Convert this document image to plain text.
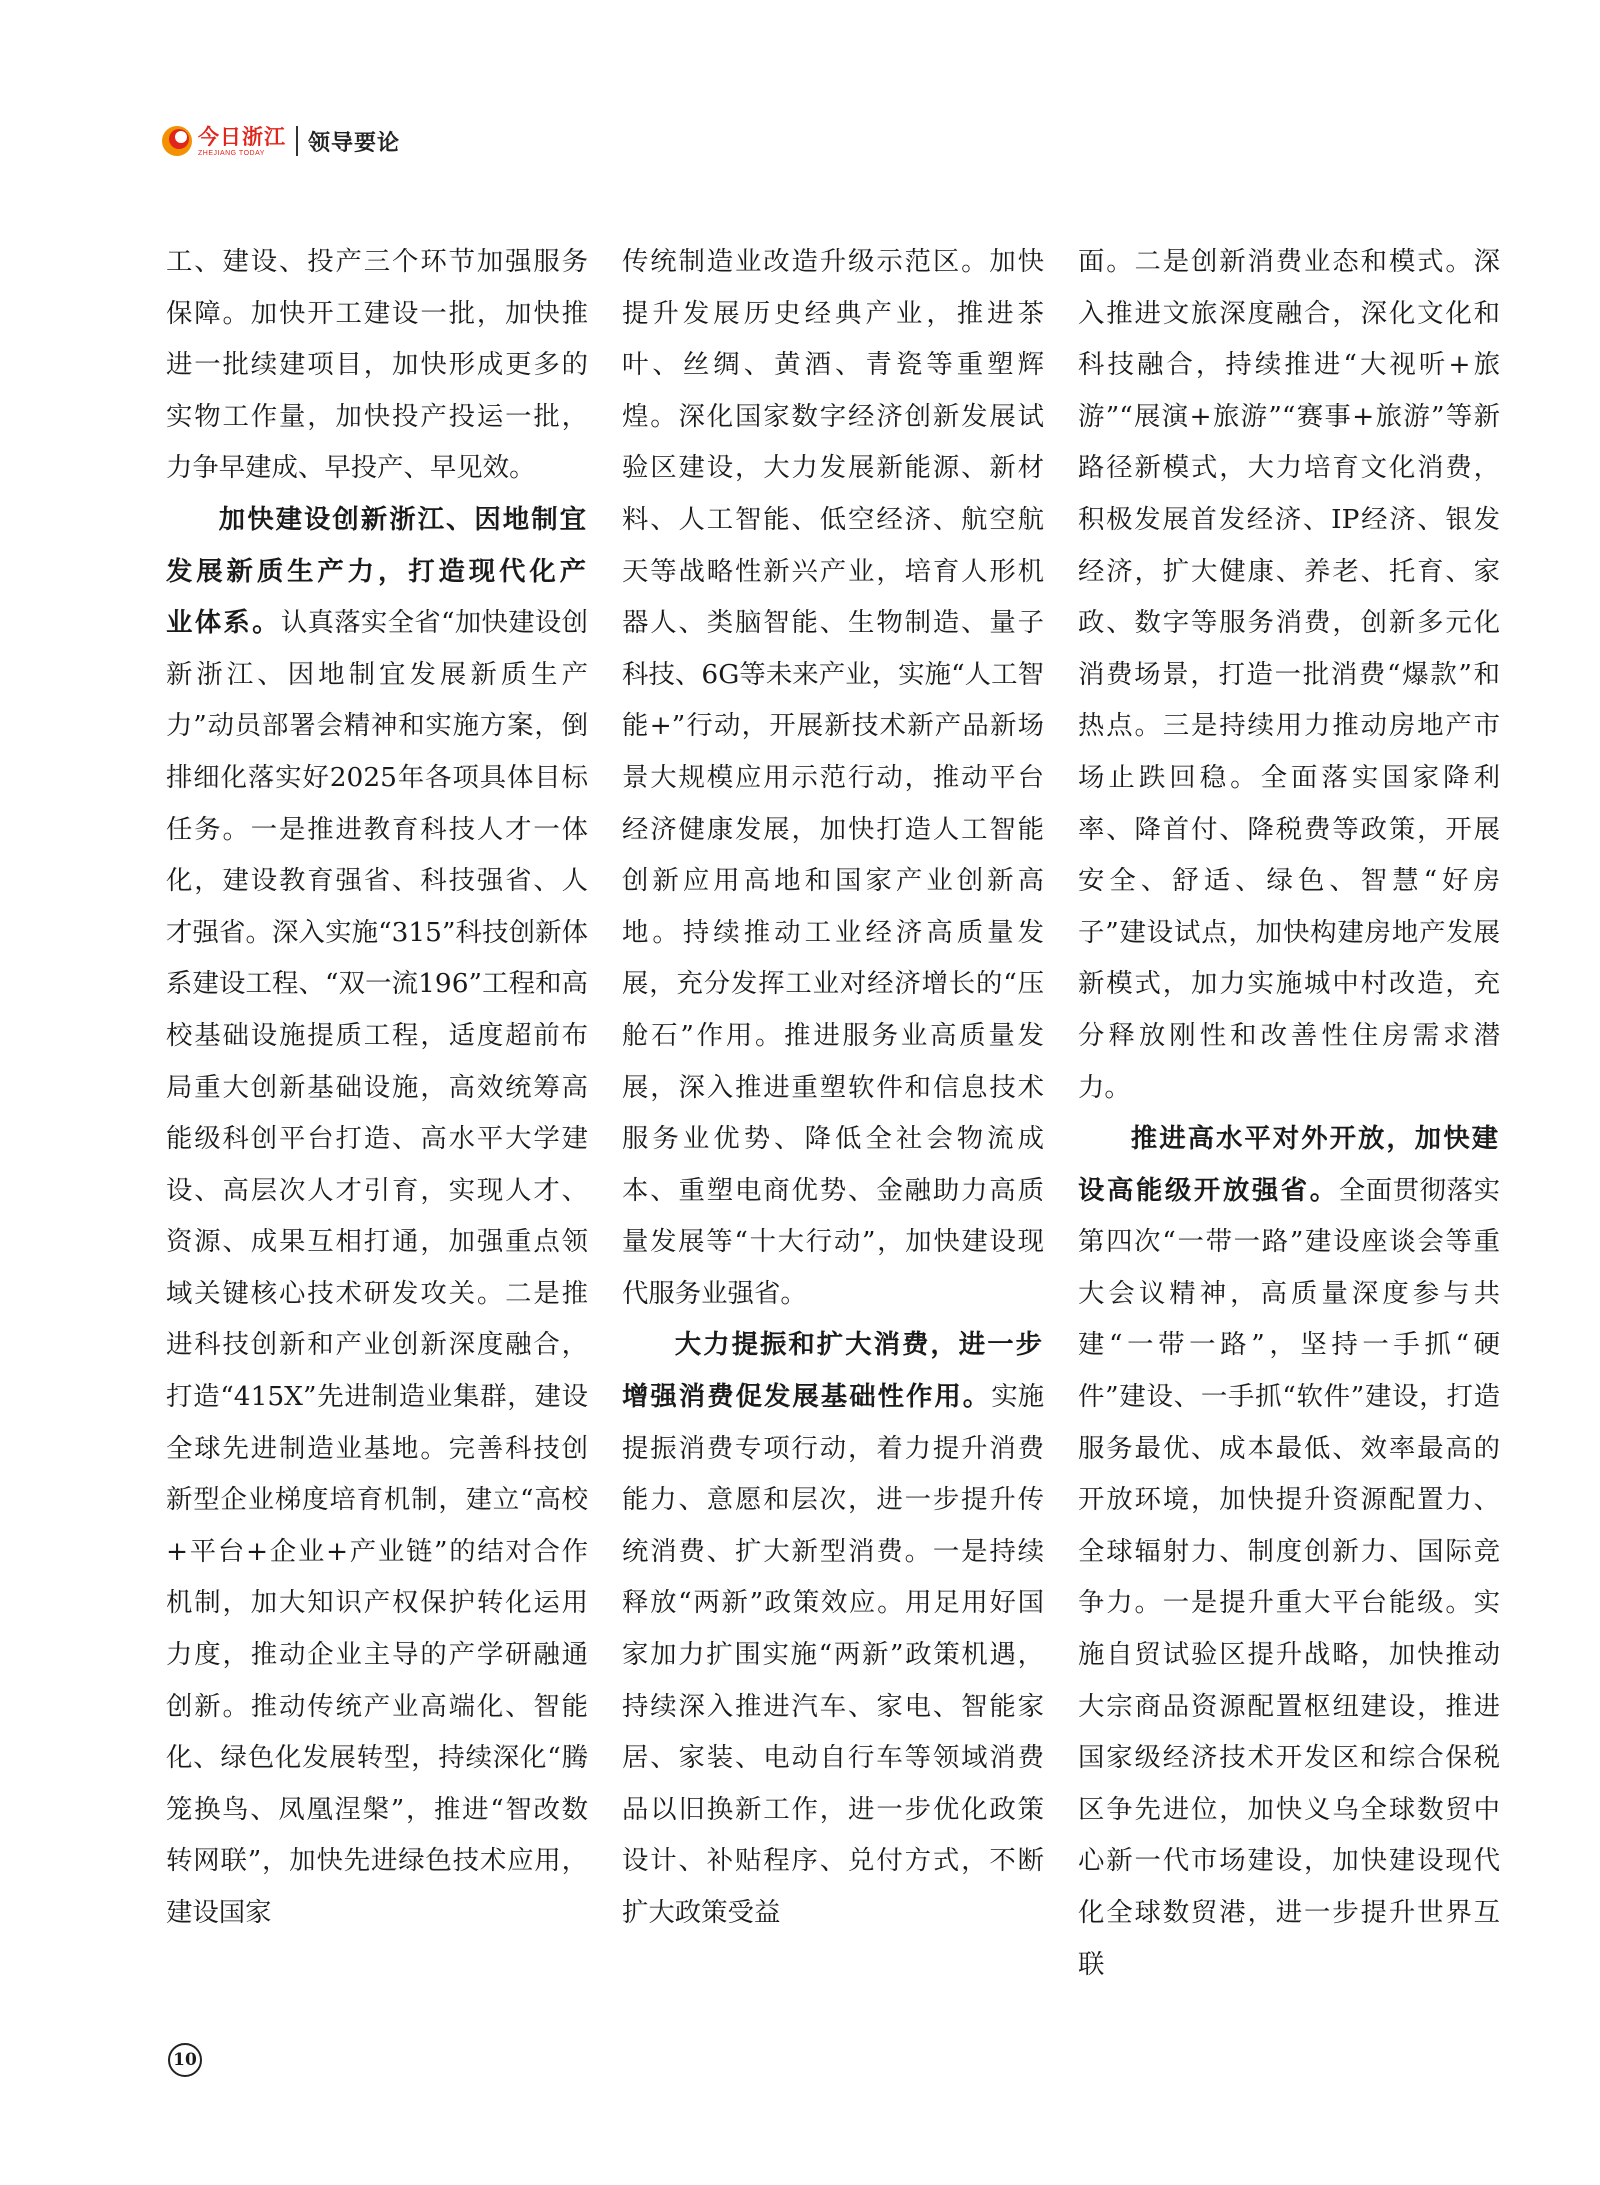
今日浙江
ZHEJIANG TODAY	领导要论

工、建设、投产三个环节加强服务保障。加快开工建设一批，加快推进一批续建项目，加快形成更多的实物工作量，加快投产投运一批，力争早建成、早投产、早见效。

加快建设创新浙江、因地制宜发展新质生产力，打造现代化产业体系。认真落实全省“加快建设创新浙江、因地制宜发展新质生产力”动员部署会精神和实施方案，倒排细化落实好2025年各项具体目标任务。一是推进教育科技人才一体化，建设教育强省、科技强省、人才强省。深入实施“315”科技创新体系建设工程、“双一流196”工程和高校基础设施提质工程，适度超前布局重大创新基础设施，高效统筹高能级科创平台打造、高水平大学建设、高层次人才引育，实现人才、资源、成果互相打通，加强重点领域关键核心技术研发攻关。二是推进科技创新和产业创新深度融合，打造“415X”先进制造业集群，建设全球先进制造业基地。完善科技创新型企业梯度培育机制，建立“高校+平台+企业+产业链”的结对合作机制，加大知识产权保护转化运用力度，推动企业主导的产学研融通创新。推动传统产业高端化、智能化、绿色化发展转型，持续深化“腾笼换鸟、凤凰涅槃”，推进“智改数转网联”，加快先进绿色技术应用，建设国家

传统制造业改造升级示范区。加快提升发展历史经典产业，推进茶叶、丝绸、黄酒、青瓷等重塑辉煌。深化国家数字经济创新发展试验区建设，大力发展新能源、新材料、人工智能、低空经济、航空航天等战略性新兴产业，培育人形机器人、类脑智能、生物制造、量子科技、6G等未来产业，实施“人工智能+”行动，开展新技术新产品新场景大规模应用示范行动，推动平台经济健康发展，加快打造人工智能创新应用高地和国家产业创新高地。持续推动工业经济高质量发展，充分发挥工业对经济增长的“压舱石”作用。推进服务业高质量发展，深入推进重塑软件和信息技术服务业优势、降低全社会物流成本、重塑电商优势、金融助力高质量发展等“十大行动”，加快建设现代服务业强省。

大力提振和扩大消费，进一步增强消费促发展基础性作用。实施提振消费专项行动，着力提升消费能力、意愿和层次，进一步提升传统消费、扩大新型消费。一是持续释放“两新”政策效应。用足用好国家加力扩围实施“两新”政策机遇，持续深入推进汽车、家电、智能家居、家装、电动自行车等领域消费品以旧换新工作，进一步优化政策设计、补贴程序、兑付方式，不断扩大政策受益

面。二是创新消费业态和模式。深入推进文旅深度融合，深化文化和科技融合，持续推进“大视听+旅游”“展演+旅游”“赛事+旅游”等新路径新模式，大力培育文化消费，积极发展首发经济、IP经济、银发经济，扩大健康、养老、托育、家政、数字等服务消费，创新多元化消费场景，打造一批消费“爆款”和热点。三是持续用力推动房地产市场止跌回稳。全面落实国家降利率、降首付、降税费等政策，开展安全、舒适、绿色、智慧“好房子”建设试点，加快构建房地产发展新模式，加力实施城中村改造，充分释放刚性和改善性住房需求潜力。

推进高水平对外开放，加快建设高能级开放强省。全面贯彻落实第四次“一带一路”建设座谈会等重大会议精神，高质量深度参与共建“一带一路”，坚持一手抓“硬件”建设、一手抓“软件”建设，打造服务最优、成本最低、效率最高的开放环境，加快提升资源配置力、全球辐射力、制度创新力、国际竞争力。一是提升重大平台能级。实施自贸试验区提升战略，加快推动大宗商品资源配置枢纽建设，推进国家级经济技术开发区和综合保税区争先进位，加快义乌全球数贸中心新一代市场建设，加快建设现代化全球数贸港，进一步提升世界互联

10
